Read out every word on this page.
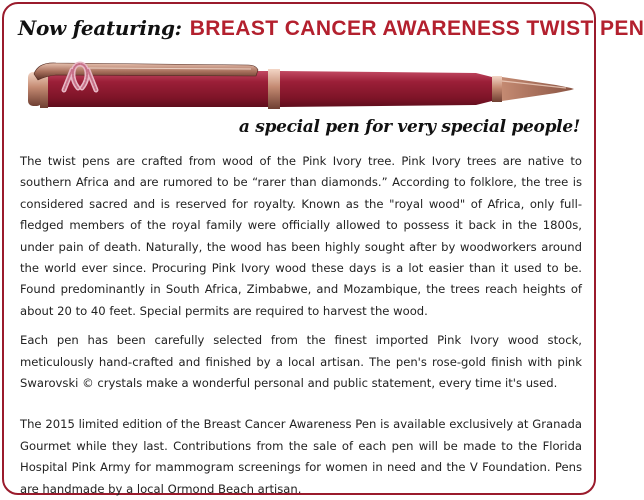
Now featuring: BREAST CANCER AWARENESS TWIST PEN
a special pen for very special people!

The twist pens are crafted from wood of the Pink Ivory tree. Pink Ivory trees are native to southern Africa and are rumored to be “rarer than diamonds.” According to folklore, the tree is considered sacred and is reserved for royalty. Known as the "royal wood" of Africa, only full-fledged members of the royal family were officially allowed to possess it back in the 1800s, under pain of death. Naturally, the wood has been highly sought after by woodworkers around the world ever since. Procuring Pink Ivory wood these days is a lot easier than it used to be. Found predominantly in South Africa, Zimbabwe, and Mozambique, the trees reach heights of about 20 to 40 feet. Special permits are required to harvest the wood.

Each pen has been carefully selected from the finest imported Pink Ivory wood stock, meticulously hand-crafted and finished by a local artisan. The pen's rose-gold finish with pink Swarovski © crystals make a wonderful personal and public statement, every time it's used.

The 2015 limited edition of the Breast Cancer Awareness Pen is available exclusively at Granada Gourmet while they last. Contributions from the sale of each pen will be made to the Florida Hospital Pink Army for mammogram screenings for women in need and the V Foundation. Pens are handmade by a local Ormond Beach artisan.
